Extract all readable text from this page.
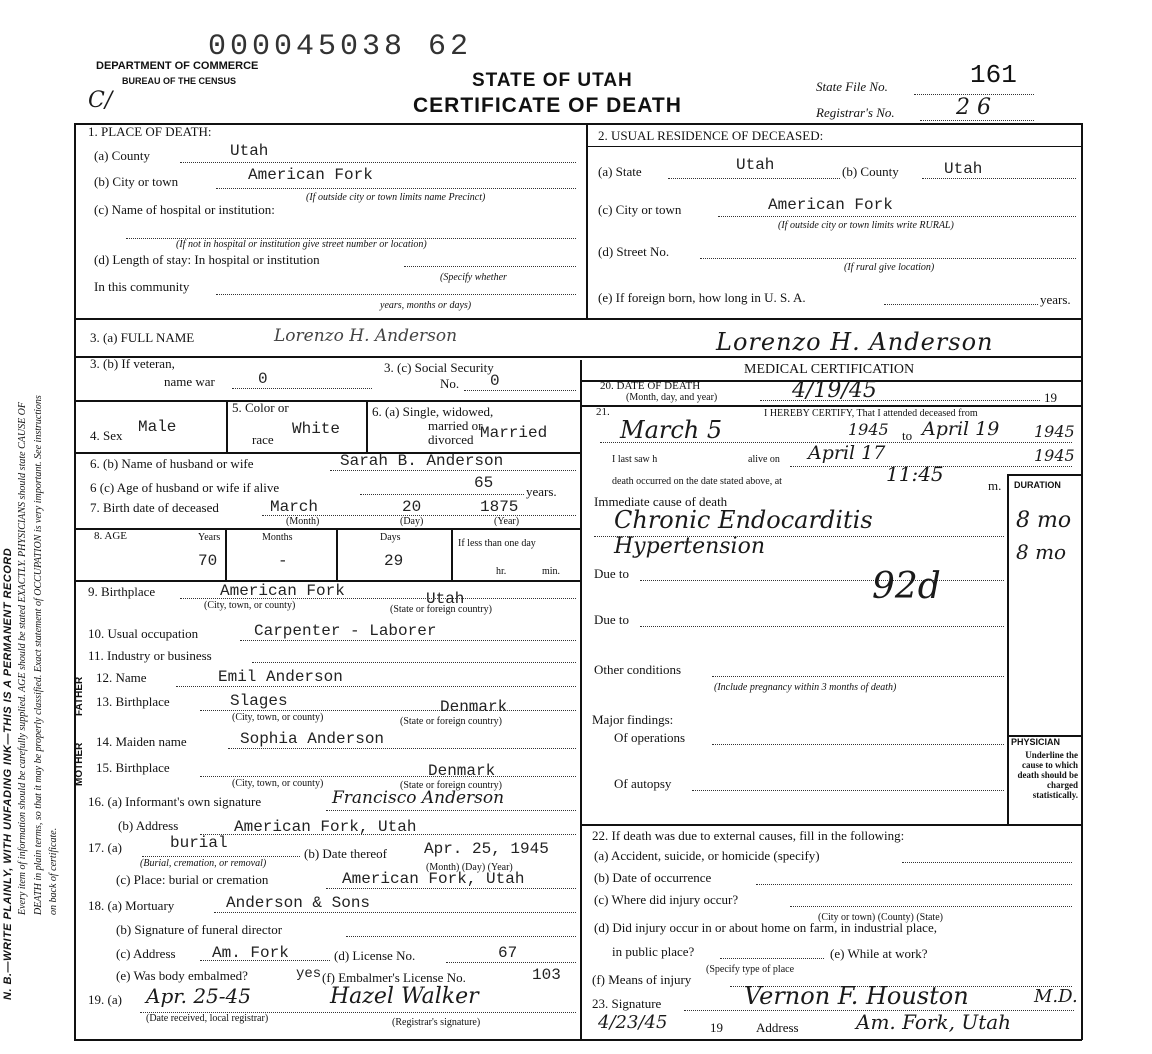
N. B.—WRITE PLAINLY, WITH UNFADING INK—THIS IS A PERMANENT RECORD Every item of information should be carefully supplied. AGE should be stated EXACTLY. PHYSICIANS should state CAUSE OF DEATH in plain terms, so that it may be properly classified. Exact statement of OCCUPATION is very important. See instructions on back of certificate.
DEPARTMENT OF COMMERCE
BUREAU OF THE CENSUS
000045038 62
STATE OF UTAH
CERTIFICATE OF DEATH
State File No.	161
Registrar's No.	2 6
C/
1. PLACE OF DEATH:
(a) County	Utah
(b) City or town	American Fork
(If outside city or town limits name Precinct)
(c) Name of hospital or institution:
(If not in hospital or institution give street number or location)
(d) Length of stay: In hospital or institution
(Specify whether
In this community
years, months or days)
2. USUAL RESIDENCE OF DECEASED:
(a) State	Utah	(b) County	Utah
(c) City or town	American Fork
(If outside city or town limits write RURAL)
(d) Street No.
(If rural give location)
(e) If foreign born, how long in U. S. A.	years.
3. (a) FULL NAME	Lorenzo H. Anderson	Lorenzo H. Anderson
3. (b) If veteran,
name war	0
3. (c) Social Security
No. 0
4. Sex Male
5. Color or
race
White
6. (a) Single, widowed,
married or
divorced Married
6. (b) Name of husband or wife	Sarah B. Anderson
6 (c) Age of husband or wife if alive	65	years.
7. Birth date of deceased	March	20	1875
(Month)	(Day)	(Year)
8. AGE	Years	Months	Days
If less than one day
70	-	29
hr.	min.
9. Birthplace	American Fork	Utah
(City, town, or county)	(State or foreign country)
10. Usual occupation	Carpenter - Laborer
11. Industry or business
FATHER
MOTHER
12. Name	Emil Anderson
13. Birthplace	Slages	Denmark
(City, town, or county)	(State or foreign country)
14. Maiden name	Sophia Anderson
15. Birthplace	Denmark
(City, town, or county)	(State or foreign country)
16. (a) Informant's own signature	Francisco Anderson
(b) Address	American Fork, Utah
17. (a)	burial
(Burial, cremation, or removal)
(b) Date thereof Apr. 25, 1945
(Month) (Day) (Year)
(c) Place: burial or cremation	American Fork, Utah
18. (a) Mortuary	Anderson & Sons
(b) Signature of funeral director
(c) Address Am. Fork	(d) License No.	67
(e) Was body embalmed?	yes (f) Embalmer's License No.	103
19. (a) Apr. 25-45	Hazel Walker
(Date received, local registrar)	(Registrar's signature)
MEDICAL CERTIFICATION
20. DATE OF DEATH
(Month, day, and year)	4/19/45	19
21.	I HEREBY CERTIFY, That I attended deceased from
March 5	1945 to April 19 1945
I last saw h	alive on April 17	1945
death occurred on the date stated above, at	11:45	m. DURATION
Immediate cause of death
Chronic Endocarditis	8 mo
Hypertension	8 mo
Due to	92d
Due to
Other conditions
(Include pregnancy within 3 months of death)
Major findings:
Of operations
Of autopsy
PHYSICIAN
Underline the cause to which death should be charged statistically.
22. If death was due to external causes, fill in the following:
(a) Accident, suicide, or homicide (specify)
(b) Date of occurrence
(c) Where did injury occur?
(City or town) (County) (State)
(d) Did injury occur in or about home on farm, in industrial place,
in public place?
(Specify type of place
(e) While at work?
(f) Means of injury
23. Signature	Vernon F. Houston	M.D.
4/23/45	19	Address	Am. Fork, Utah
